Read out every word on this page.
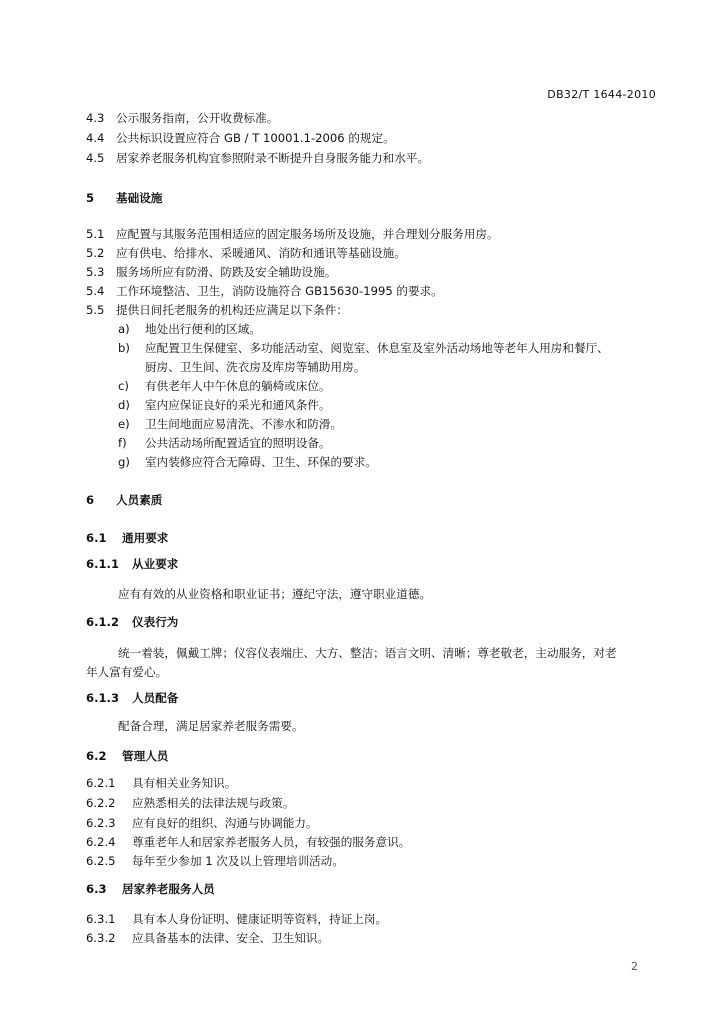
DB32/T 1644-2010
4.3 公示服务指南，公开收费标准。
4.4 公共标识设置应符合 GB / T 10001.1-2006 的规定。
4.5 居家养老服务机构宜参照附录不断提升自身服务能力和水平。
5 基础设施
5.1 应配置与其服务范围相适应的固定服务场所及设施，并合理划分服务用房。
5.2 应有供电、给排水、采暖通风、消防和通讯等基础设施。
5.3 服务场所应有防滑、防跌及安全辅助设施。
5.4 工作环境整洁、卫生，消防设施符合 GB15630-1995 的要求。
5.5 提供日间托老服务的机构还应满足以下条件：
a) 地处出行便利的区域。
b) 应配置卫生保健室、多功能活动室、阅览室、休息室及室外活动场地等老年人用房和餐厅、
厨房、卫生间、洗衣房及库房等辅助用房。
c) 有供老年人中午休息的躺椅或床位。
d) 室内应保证良好的采光和通风条件。
e) 卫生间地面应易清洗、不渗水和防滑。
f) 公共活动场所配置适宜的照明设备。
g) 室内装修应符合无障碍、卫生、环保的要求。
6 人员素质
6.1 通用要求
6.1.1 从业要求
应有有效的从业资格和职业证书；遵纪守法，遵守职业道德。
6.1.2 仪表行为
统一着装，佩戴工牌；仪容仪表端庄、大方、整洁；语言文明、清晰；尊老敬老，主动服务，对老
年人富有爱心。
6.1.3 人员配备
配备合理，满足居家养老服务需要。
6.2 管理人员
6.2.1 具有相关业务知识。
6.2.2 应熟悉相关的法律法规与政策。
6.2.3 应有良好的组织、沟通与协调能力。
6.2.4 尊重老年人和居家养老服务人员，有较强的服务意识。
6.2.5 每年至少参加 1 次及以上管理培训活动。
6.3 居家养老服务人员
6.3.1 具有本人身份证明、健康证明等资料，持证上岗。
6.3.2 应具备基本的法律、安全、卫生知识。
2
